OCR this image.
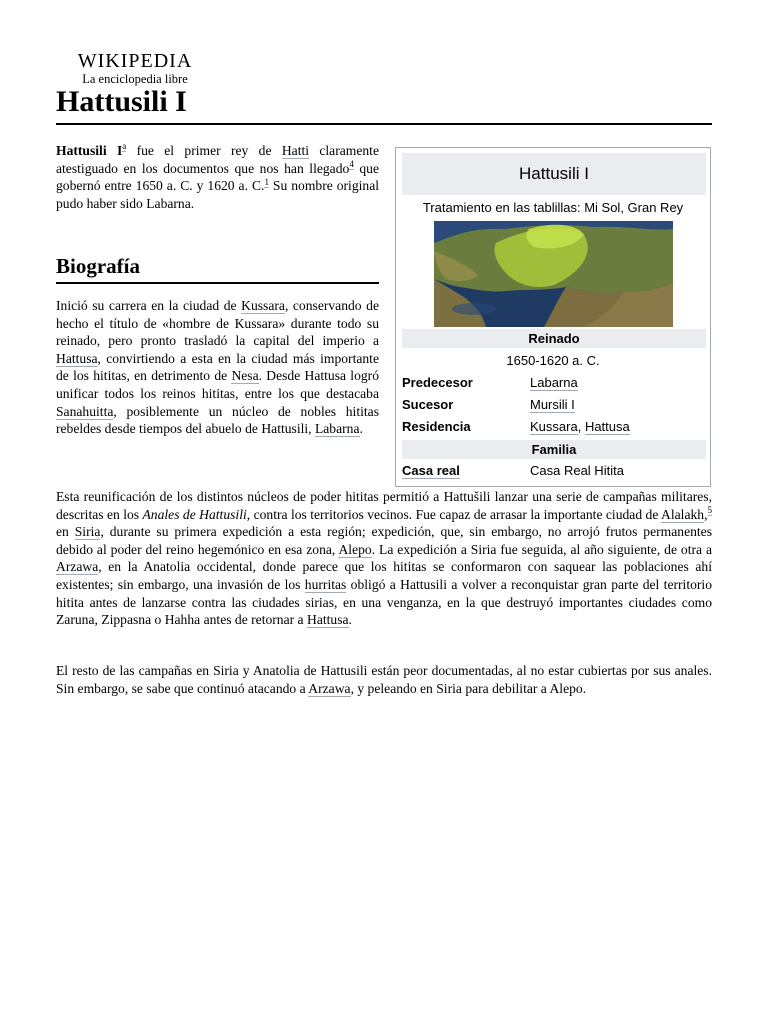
WIKIPEDIA
La enciclopedia libre
Hattusili I

Hattusili $I^a$ fue el primer rey de Hatti claramente atestiguado en los documentos que nos han llegado$^4$ que gobernó entre 1650 a. C. y 1620 a. C.$^1$ Su nombre original pudo haber sido Labarna.

Biografía

Inició su carrera en la ciudad de Kussara, conservando de hecho el título de «hombre de Kussara» durante todo su reinado, pero pronto trasladó la capital del imperio a Hattusa, convirtiendo a esta en la ciudad más importante de los hititas, en detrimento de Nesa. Desde Hattusa logró unificar todos los reinos hititas, entre los que destacaba Sanahuitta, posiblemente un núcleo de nobles hititas rebeldes desde tiempos del abuelo de Hattusili, Labarna.

Esta reunificación de los distintos núcleos de poder hititas permitió a Hattušili lanzar una serie de campañas militares, descritas en los Anales de Hattusili, contra los territorios vecinos. Fue capaz de arrasar la importante ciudad de Alalakh,$^5$ en Siria, durante su primera expedición a esta región; expedición, que, sin embargo, no arrojó frutos permanentes debido al poder del reino hegemónico en esa zona, Alepo. La expedición a Siria fue seguida, al año siguiente, de otra a Arzawa, en la Anatolia occidental, donde parece que los hititas se conformaron con saquear las poblaciones ahí existentes; sin embargo, una invasión de los hurritas obligó a Hattusili a volver a reconquistar gran parte del territorio hitita antes de lanzarse contra las ciudades sirias, en una venganza, en la que destruyó importantes ciudades como Zaruna, Zippasna o Hahha antes de retornar a Hattusa.

El resto de las campañas en Siria y Anatolia de Hattusili están peor documentadas, al no estar cubiertas por sus anales. Sin embargo, se sabe que continuó atacando a Arzawa, y peleando en Siria para debilitar a Alepo.

Hattusili I
Tratamiento en las tablillas: Mi Sol, Gran Rey
Reinado
1650-1620 a. C.
Predecesor	Labarna
Sucesor	Mursili I
Residencia	Kussara, Hattusa
Familia
Casa real	Casa Real Hitita
